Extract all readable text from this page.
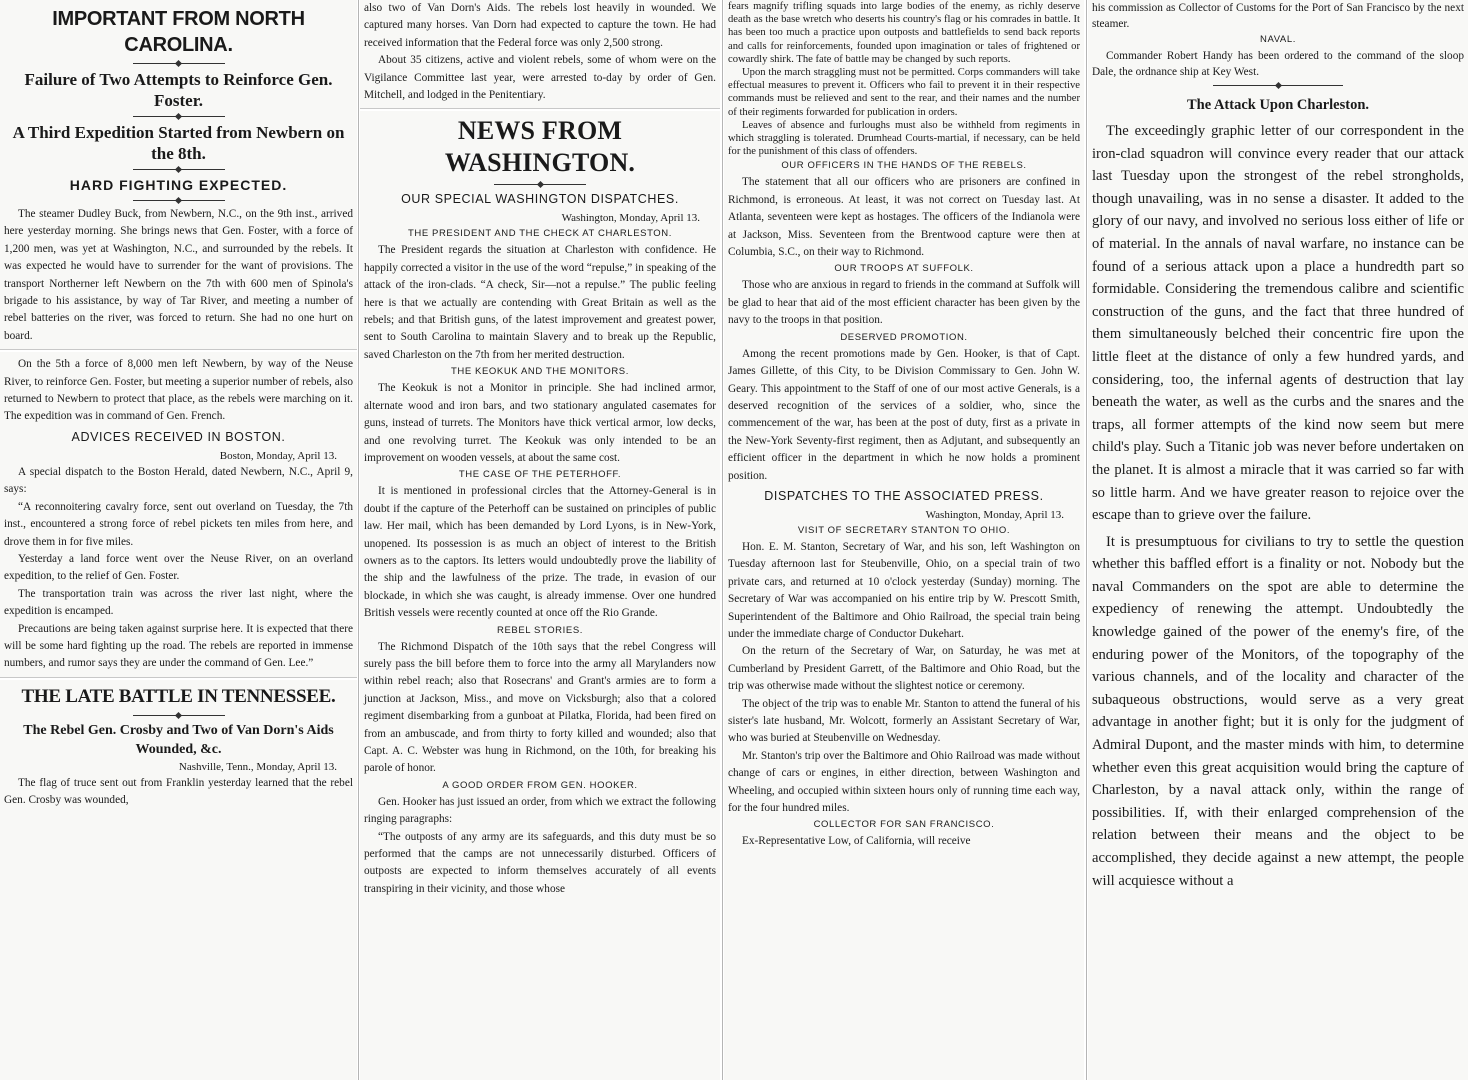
IMPORTANT FROM NORTH CAROLINA.
Failure of Two Attempts to Reinforce Gen. Foster.
A Third Expedition Started from Newbern on the 8th.
HARD FIGHTING EXPECTED.

The steamer Dudley Buck, from Newbern, N.C., on the 9th inst., arrived here yesterday morning. She brings news that Gen. Foster, with a force of 1,200 men, was yet at Washington, N.C., and surrounded by the rebels. It was expected he would have to surrender for the want of provisions. The transport Northerner left Newbern on the 7th with 600 men of Spinola's brigade to his assistance, by way of Tar River, and meeting a number of rebel batteries on the river, was forced to return. She had no one hurt on board.

On the 5th a force of 8,000 men left Newbern, by way of the Neuse River, to reinforce Gen. Foster, but meeting a superior number of rebels, also returned to Newbern to protect that place, as the rebels were marching on it. The expedition was in command of Gen. French.

ADVICES RECEIVED IN BOSTON.

Boston, Monday, April 13.

A special dispatch to the Boston Herald, dated Newbern, N.C., April 9, says:

“A reconnoitering cavalry force, sent out overland on Tuesday, the 7th inst., encountered a strong force of rebel pickets ten miles from here, and drove them in for five miles.

Yesterday a land force went over the Neuse River, on an overland expedition, to the relief of Gen. Foster.

The transportation train was across the river last night, where the expedition is encamped.

Precautions are being taken against surprise here. It is expected that there will be some hard fighting up the road. The rebels are reported in immense numbers, and rumor says they are under the command of Gen. Lee.”

THE LATE BATTLE IN TENNESSEE.
The Rebel Gen. Crosby and Two of Van Dorn's Aids Wounded, &c.

Nashville, Tenn., Monday, April 13.

The flag of truce sent out from Franklin yesterday learned that the rebel Gen. Crosby was wounded,

also two of Van Dorn's Aids. The rebels lost heavily in wounded. We captured many horses. Van Dorn had expected to capture the town. He had received information that the Federal force was only 2,500 strong.

About 35 citizens, active and violent rebels, some of whom were on the Vigilance Committee last year, were arrested to-day by order of Gen. Mitchell, and lodged in the Penitentiary.

NEWS FROM WASHINGTON.
OUR SPECIAL WASHINGTON DISPATCHES.

Washington, Monday, April 13.

THE PRESIDENT AND THE CHECK AT CHARLESTON.

The President regards the situation at Charleston with confidence. He happily corrected a visitor in the use of the word “repulse,” in speaking of the attack of the iron-clads. “A check, Sir—not a repulse.” The public feeling here is that we actually are contending with Great Britain as well as the rebels; and that British guns, of the latest improvement and greatest power, sent to South Carolina to maintain Slavery and to break up the Republic, saved Charleston on the 7th from her merited destruction.

THE KEOKUK AND THE MONITORS.

The Keokuk is not a Monitor in principle. She had inclined armor, alternate wood and iron bars, and two stationary angulated casemates for guns, instead of turrets. The Monitors have thick vertical armor, low decks, and one revolving turret. The Keokuk was only intended to be an improvement on wooden vessels, at about the same cost.

THE CASE OF THE PETERHOFF.

It is mentioned in professional circles that the Attorney-General is in doubt if the capture of the Peterhoff can be sustained on principles of public law. Her mail, which has been demanded by Lord Lyons, is in New-York, unopened. Its possession is as much an object of interest to the British owners as to the captors. Its letters would undoubtedly prove the liability of the ship and the lawfulness of the prize. The trade, in evasion of our blockade, in which she was caught, is already immense. Over one hundred British vessels were recently counted at once off the Rio Grande.

REBEL STORIES.

The Richmond Dispatch of the 10th says that the rebel Congress will surely pass the bill before them to force into the army all Marylanders now within rebel reach; also that Rosecrans' and Grant's armies are to form a junction at Jackson, Miss., and move on Vicksburgh; also that a colored regiment disembarking from a gunboat at Pilatka, Florida, had been fired on from an ambuscade, and from thirty to forty killed and wounded; also that Capt. A. C. Webster was hung in Richmond, on the 10th, for breaking his parole of honor.

A GOOD ORDER FROM GEN. HOOKER.

Gen. Hooker has just issued an order, from which we extract the following ringing paragraphs:

“The outposts of any army are its safeguards, and this duty must be so performed that the camps are not unnecessarily disturbed. Officers of outposts are expected to inform themselves accurately of all events transpiring in their vicinity, and those whose

fears magnify trifling squads into large bodies of the enemy, as richly deserve death as the base wretch who deserts his country's flag or his comrades in battle. It has been too much a practice upon outposts and battlefields to send back reports and calls for reinforcements, founded upon imagination or tales of frightened or cowardly shirk. The fate of battle may be changed by such reports.

Upon the march straggling must not be permitted. Corps commanders will take effectual measures to prevent it. Officers who fail to prevent it in their respective commands must be relieved and sent to the rear, and their names and the number of their regiments forwarded for publication in orders.

Leaves of absence and furloughs must also be withheld from regiments in which straggling is tolerated. Drumhead Courts-martial, if necessary, can be held for the punishment of this class of offenders.

OUR OFFICERS IN THE HANDS OF THE REBELS.

The statement that all our officers who are prisoners are confined in Richmond, is erroneous. At least, it was not correct on Tuesday last. At Atlanta, seventeen were kept as hostages. The officers of the Indianola were at Jackson, Miss. Seventeen from the Brentwood capture were then at Columbia, S.C., on their way to Richmond.

OUR TROOPS AT SUFFOLK.

Those who are anxious in regard to friends in the command at Suffolk will be glad to hear that aid of the most efficient character has been given by the navy to the troops in that position.

DESERVED PROMOTION.

Among the recent promotions made by Gen. Hooker, is that of Capt. James Gillette, of this City, to be Division Commissary to Gen. John W. Geary. This appointment to the Staff of one of our most active Generals, is a deserved recognition of the services of a soldier, who, since the commencement of the war, has been at the post of duty, first as a private in the New-York Seventy-first regiment, then as Adjutant, and subsequently an efficient officer in the department in which he now holds a prominent position.

DISPATCHES TO THE ASSOCIATED PRESS.

Washington, Monday, April 13.

VISIT OF SECRETARY STANTON TO OHIO.

Hon. E. M. Stanton, Secretary of War, and his son, left Washington on Tuesday afternoon last for Steubenville, Ohio, on a special train of two private cars, and returned at 10 o'clock yesterday (Sunday) morning. The Secretary of War was accompanied on his entire trip by W. Prescott Smith, Superintendent of the Baltimore and Ohio Railroad, the special train being under the immediate charge of Conductor Dukehart.

On the return of the Secretary of War, on Saturday, he was met at Cumberland by President Garrett, of the Baltimore and Ohio Road, but the trip was otherwise made without the slightest notice or ceremony.

The object of the trip was to enable Mr. Stanton to attend the funeral of his sister's late husband, Mr. Wolcott, formerly an Assistant Secretary of War, who was buried at Steubenville on Wednesday.

Mr. Stanton's trip over the Baltimore and Ohio Railroad was made without change of cars or engines, in either direction, between Washington and Wheeling, and occupied within sixteen hours only of running time each way, for the four hundred miles.

COLLECTOR FOR SAN FRANCISCO.

Ex-Representative Low, of California, will receive

his commission as Collector of Customs for the Port of San Francisco by the next steamer.

NAVAL.

Commander Robert Handy has been ordered to the command of the sloop Dale, the ordnance ship at Key West.

The Attack Upon Charleston.

The exceedingly graphic letter of our correspondent in the iron-clad squadron will convince every reader that our attack last Tuesday upon the strongest of the rebel strongholds, though unavailing, was in no sense a disaster. It added to the glory of our navy, and involved no serious loss either of life or of material. In the annals of naval warfare, no instance can be found of a serious attack upon a place a hundredth part so formidable. Considering the tremendous calibre and scientific construction of the guns, and the fact that three hundred of them simultaneously belched their concentric fire upon the little fleet at the distance of only a few hundred yards, and considering, too, the infernal agents of destruction that lay beneath the water, as well as the curbs and the snares and the traps, all former attempts of the kind now seem but mere child's play. Such a Titanic job was never before undertaken on the planet. It is almost a miracle that it was carried so far with so little harm. And we have greater reason to rejoice over the escape than to grieve over the failure.

It is presumptuous for civilians to try to settle the question whether this baffled effort is a finality or not. Nobody but the naval Commanders on the spot are able to determine the expediency of renewing the attempt. Undoubtedly the knowledge gained of the power of the enemy's fire, of the enduring power of the Monitors, of the topography of the various channels, and of the locality and character of the subaqueous obstructions, would serve as a very great advantage in another fight; but it is only for the judgment of Admiral Dupont, and the master minds with him, to determine whether even this great acquisition would bring the capture of Charleston, by a naval attack only, within the range of possibilities. If, with their enlarged comprehension of the relation between their means and the object to be accomplished, they decide against a new attempt, the people will acquiesce without a
